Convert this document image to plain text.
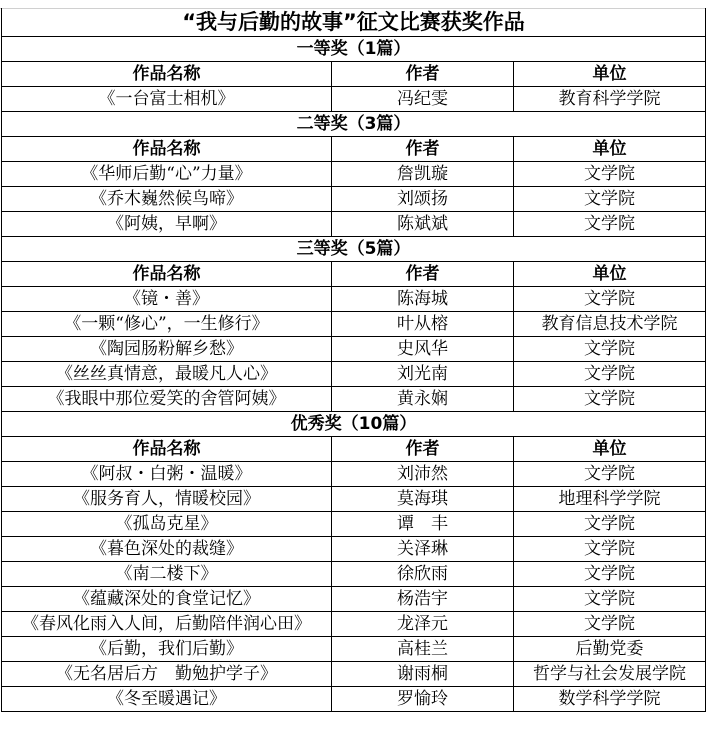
“我与后勤的故事”征文比赛获奖作品		
一等奖（1篇）		
作品名称	作者	单位
《一台富士相机》	冯纪雯	教育科学学院
二等奖（3篇）		
作品名称	作者	单位
《华师后勤“心”力量》	詹凯璇	文学院
《乔木巍然候鸟啼》	刘颂扬	文学院
《阿姨，早啊》	陈斌斌	文学院
三等奖（5篇）		
作品名称	作者	单位
《镜・善》	陈海城	文学院
《一颗“修心”，一生修行》	叶从榕	教育信息技术学院
《陶园肠粉解乡愁》	史风华	文学院
《丝丝真情意，最暖凡人心》	刘光南	文学院
《我眼中那位爱笑的舍管阿姨》	黄永娴	文学院
优秀奖（10篇）		
作品名称	作者	单位
《阿叔・白粥・温暖》	刘沛然	文学院
《服务育人，情暖校园》	莫海琪	地理科学学院
《孤岛克星》	谭　丰	文学院
《暮色深处的裁缝》	关泽琳	文学院
《南二楼下》	徐欣雨	文学院
《蕴藏深处的食堂记忆》	杨浩宇	文学院
《春风化雨入人间，后勤陪伴润心田》	龙泽元	文学院
《后勤，我们后勤》	高桂兰	后勤党委
《无名居后方　勤勉护学子》	谢雨桐	哲学与社会发展学院
《冬至暖遇记》	罗愉玲	数学科学学院
